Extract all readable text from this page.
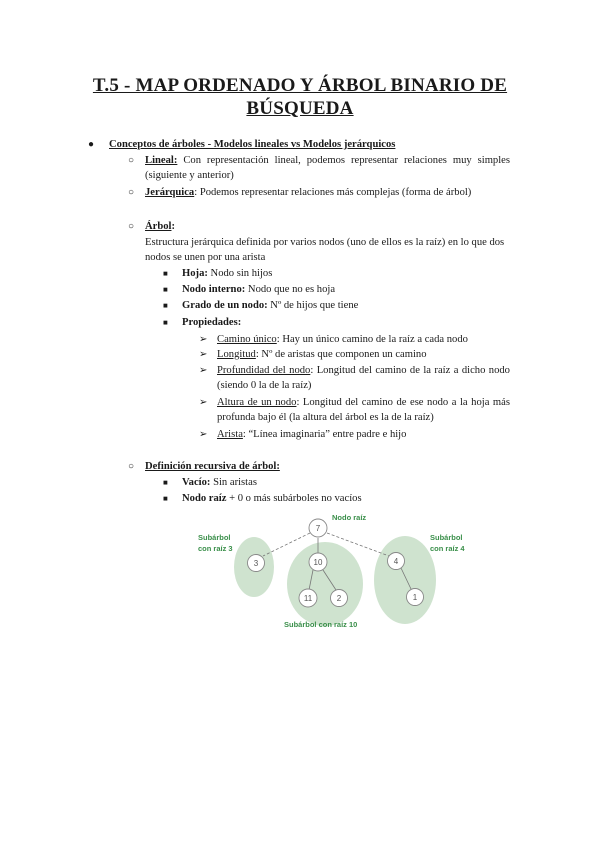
T.5 - MAP ORDENADO Y ÁRBOL BINARIO DE
BÚSQUEDA
● Conceptos de árboles - Modelos lineales vs Modelos jerárquicos
○ Lineal: Con representación lineal, podemos representar relaciones muy simples
(siguiente y anterior)
○ Jerárquica: Podemos representar relaciones más complejas (forma de árbol)
○ Árbol:
Estructura jerárquica definida por varios nodos (uno de ellos es la raíz) en lo que dos
nodos se unen por una arista
■ Hoja: Nodo sin hijos
■ Nodo interno: Nodo que no es hoja
■ Grado de un nodo: Nº de hijos que tiene
■ Propiedades:
➢ Camino único: Hay un único camino de la raíz a cada nodo
➢ Longitud: Nº de aristas que componen un camino
➢ Profundidad del nodo: Longitud del camino de la raíz a dicho nodo
(siendo 0 la de la raíz)
➢ Altura de un nodo: Longitud del camino de ese nodo a la hoja más
profunda bajo él (la altura del árbol es la de la raíz)
➢ Arista: “Línea imaginaria” entre padre e hijo
○ Definición recursiva de árbol:
■ Vacío: Sin aristas
■ Nodo raíz + 0 o más subárboles no vacíos
7
3	10	4
11	2	1
Nodo raíz
Subárbol
con raíz 3
Subárbol
con raíz 4
Subárbol con raíz 10
